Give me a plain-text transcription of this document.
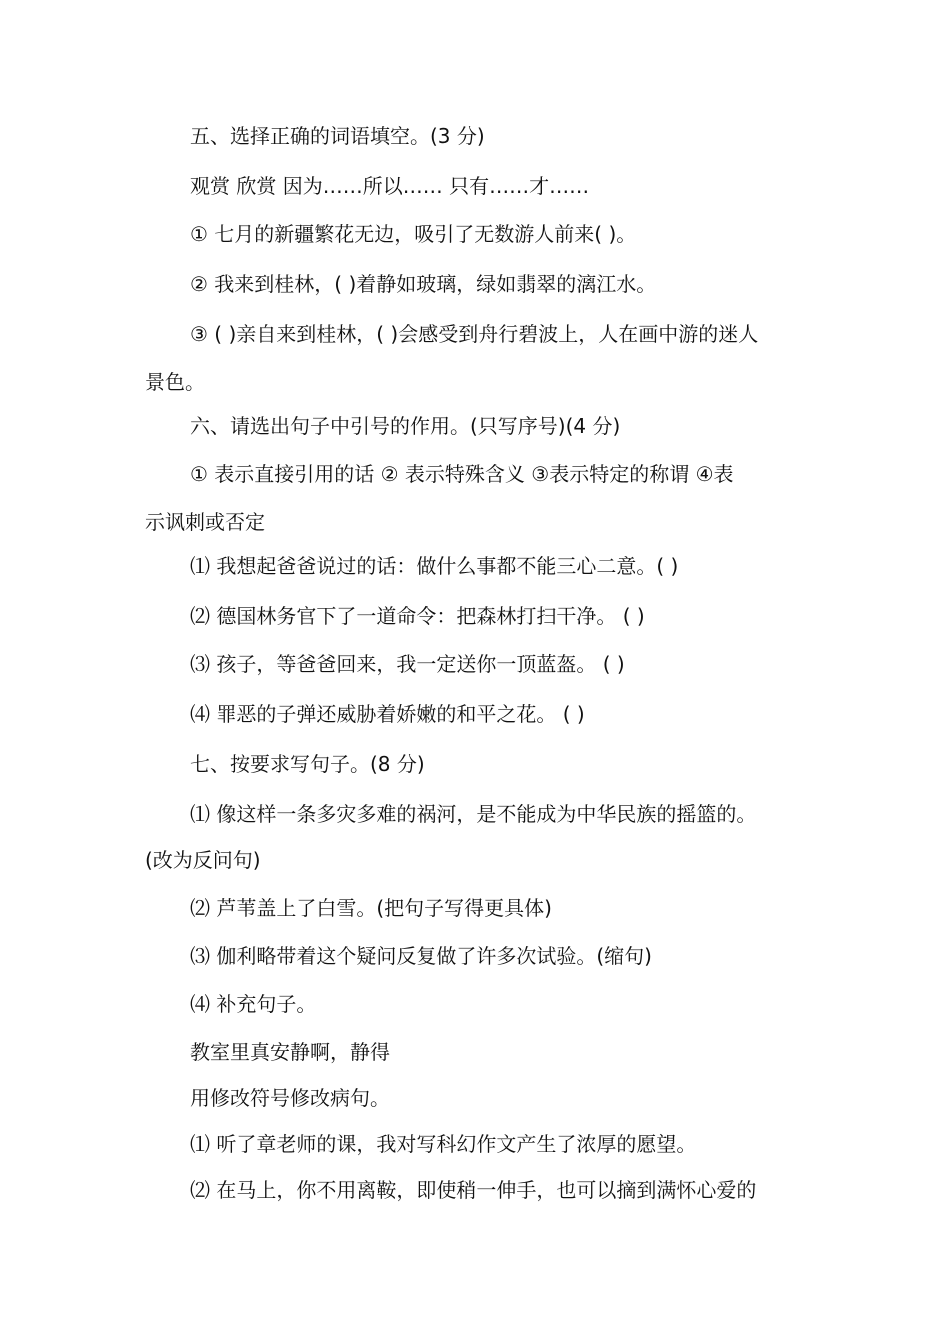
五、选择正确的词语填空。(3 分)
观赏 欣赏 因为……所以…… 只有……才……
① 七月的新疆繁花无边，吸引了无数游人前来( )。
② 我来到桂林，( )着静如玻璃，绿如翡翠的漓江水。
③ ( )亲自来到桂林，( )会感受到舟行碧波上，人在画中游的迷人
景色。
六、请选出句子中引号的作用。(只写序号)(4 分)
① 表示直接引用的话 ② 表示特殊含义 ③表示特定的称谓 ④表
示讽刺或否定
⑴ 我想起爸爸说过的话：做什么事都不能三心二意。( )
⑵ 德国林务官下了一道命令：把森林打扫干净。 ( )
⑶ 孩子，等爸爸回来，我一定送你一顶蓝盔。 ( )
⑷ 罪恶的子弹还威胁着娇嫩的和平之花。 ( )
七、按要求写句子。(8 分)
⑴ 像这样一条多灾多难的祸河，是不能成为中华民族的摇篮的。
(改为反问句)
⑵ 芦苇盖上了白雪。(把句子写得更具体)
⑶ 伽利略带着这个疑问反复做了许多次试验。(缩句)
⑷ 补充句子。
教室里真安静啊，静得
用修改符号修改病句。
⑴ 听了章老师的课，我对写科幻作文产生了浓厚的愿望。
⑵ 在马上，你不用离鞍，即使稍一伸手，也可以摘到满怀心爱的
